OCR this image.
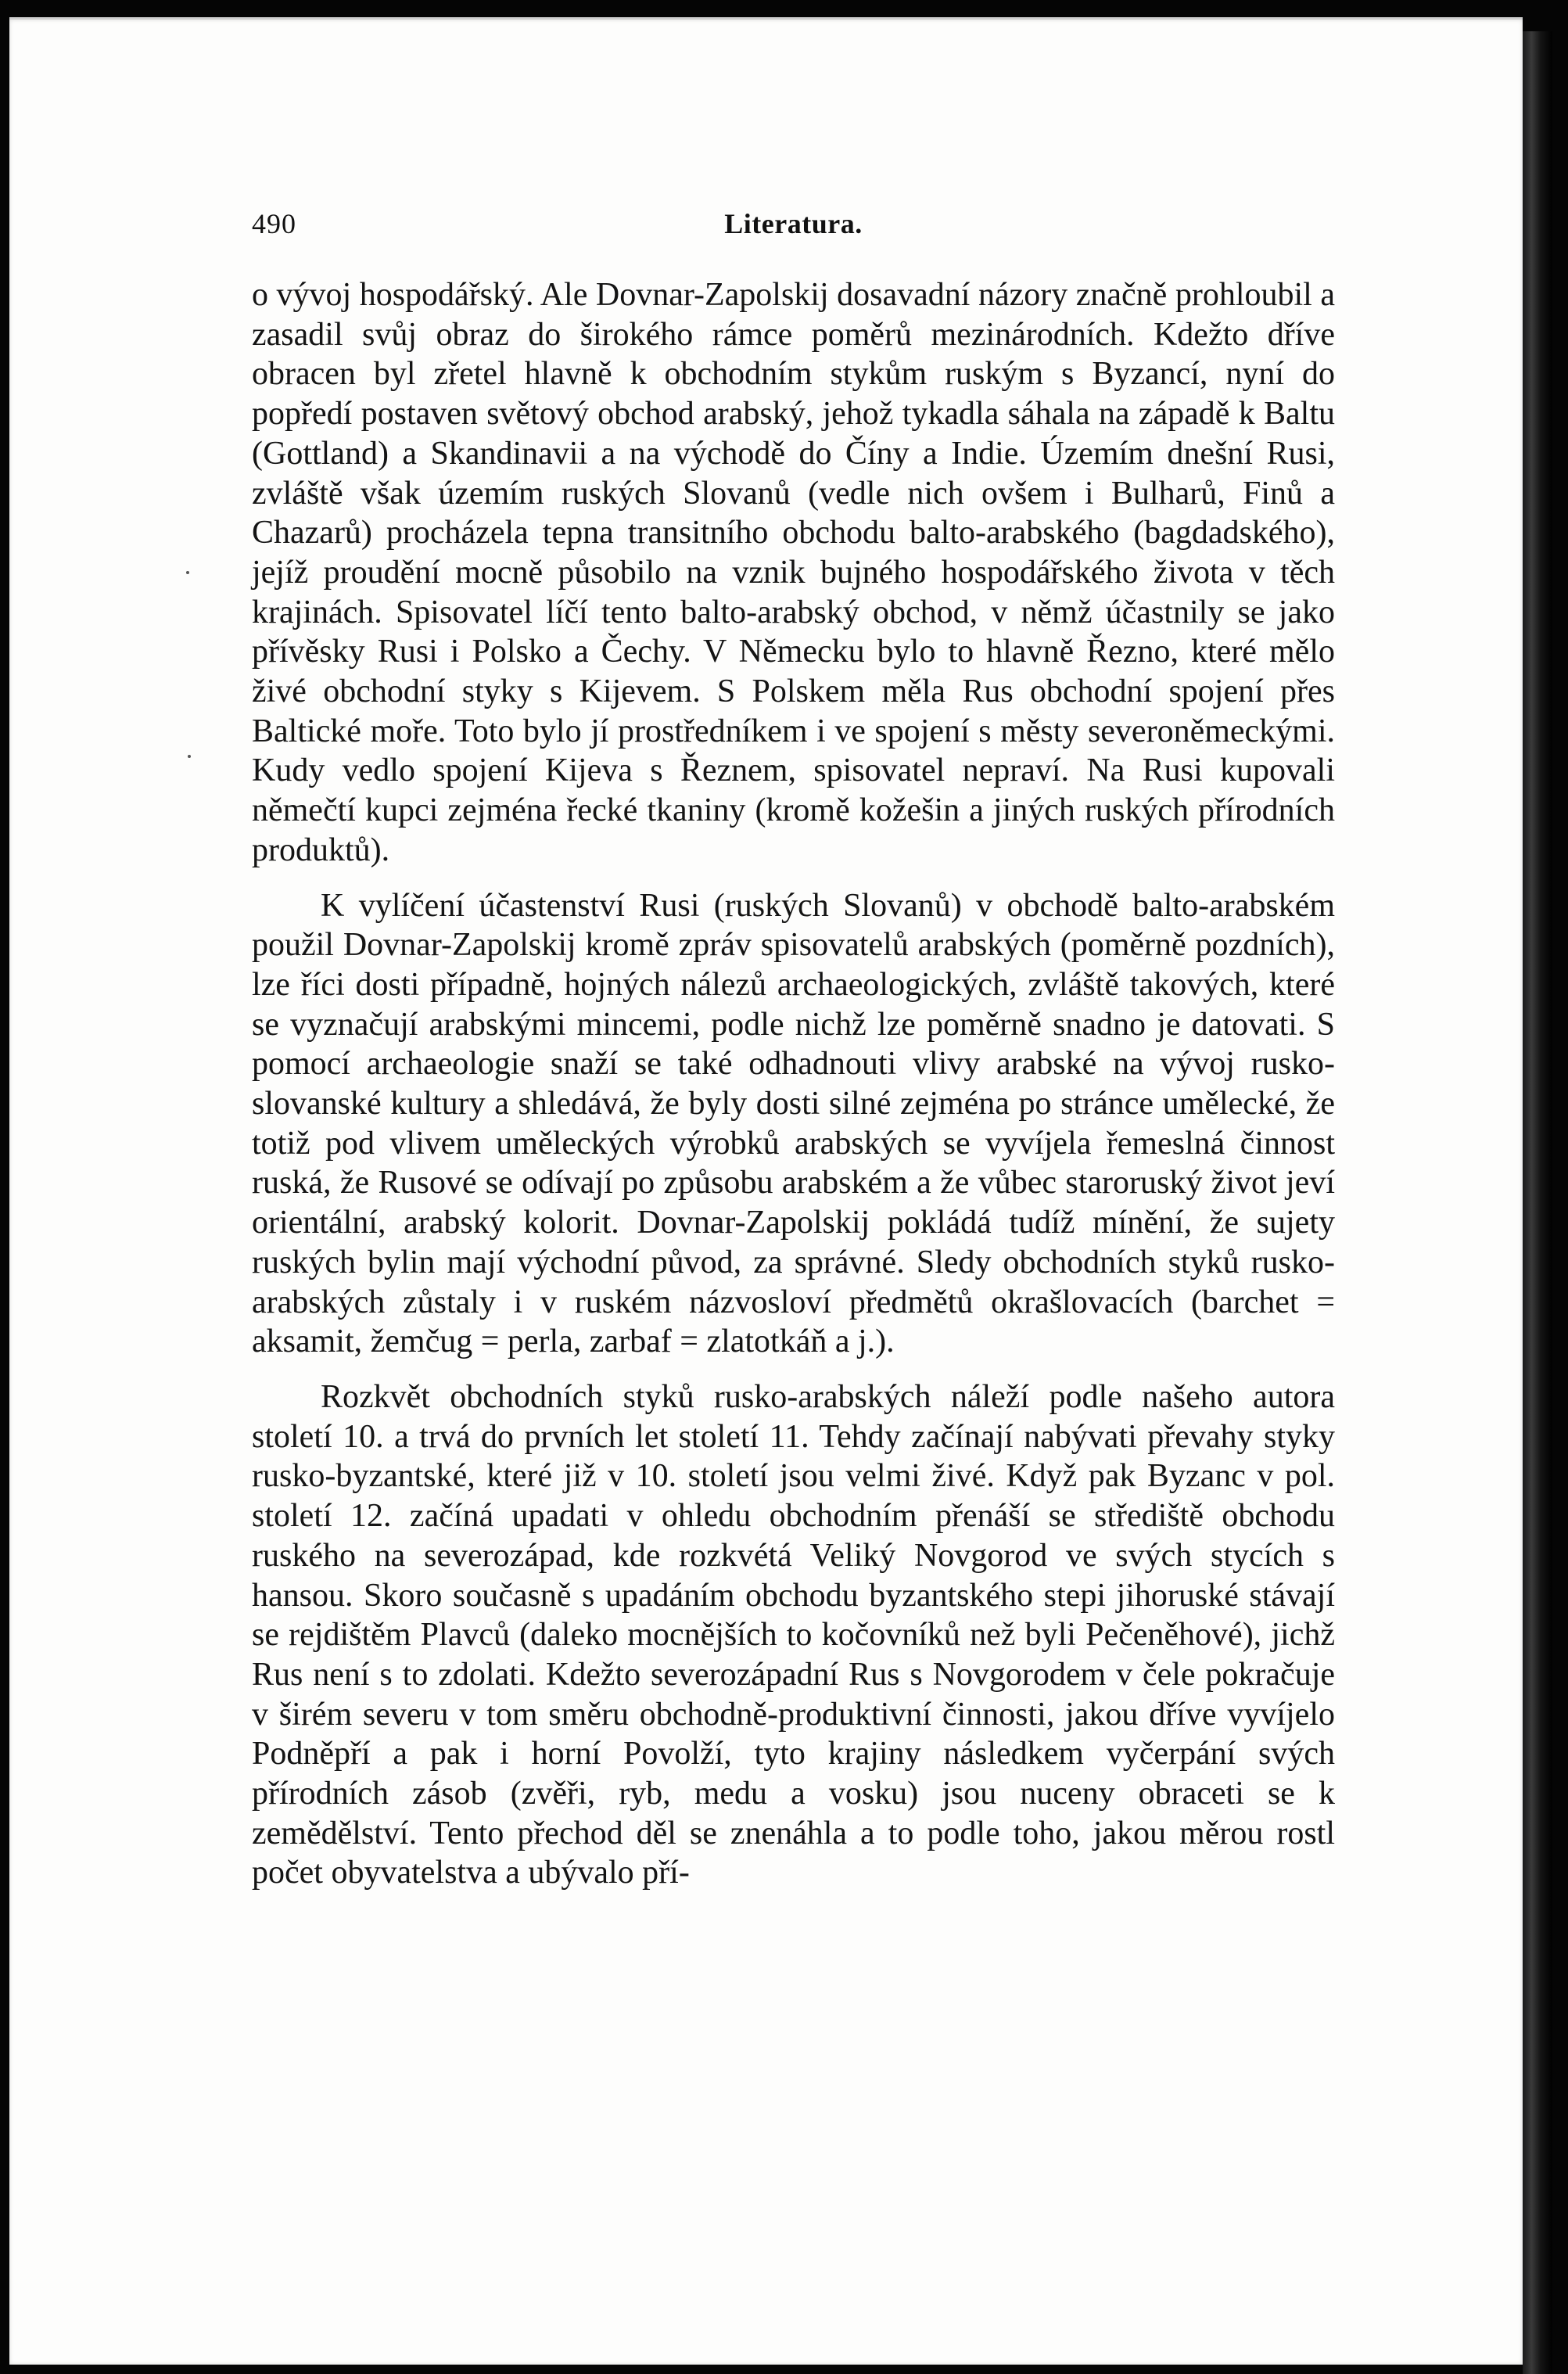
490	Literatura.

o vývoj hospodářský. Ale Dovnar-Zapolskij dosavadní názory značně prohloubil a zasadil svůj obraz do širokého rámce poměrů mezinárodních. Kdežto dříve obracen byl zřetel hlavně k obchodním stykům ruským s Byzancí, nyní do popředí postaven světový obchod arabský, jehož tykadla sáhala na západě k Baltu (Gottland) a Skandinavii a na východě do Číny a Indie. Územím dnešní Rusi, zvláště však územím ruských Slovanů (vedle nich ovšem i Bulharů, Finů a Chazarů) procházela tepna transitního obchodu balto-arabského (bagdadského), jejíž proudění mocně působilo na vznik bujného hospodářského života v těch krajinách. Spisovatel líčí tento balto-arabský obchod, v němž účastnily se jako přívěsky Rusi i Polsko a Čechy. V Německu bylo to hlavně Řezno, které mělo živé obchodní styky s Kijevem. S Polskem měla Rus obchodní spojení přes Baltické moře. Toto bylo jí prostředníkem i ve spojení s městy severoněmeckými. Kudy vedlo spojení Kijeva s Řeznem, spisovatel nepraví. Na Rusi kupovali němečtí kupci zejména řecké tkaniny (kromě kožešin a jiných ruských přírodních produktů).

K vylíčení účastenství Rusi (ruských Slovanů) v obchodě balto-arabském použil Dovnar-Zapolskij kromě zpráv spisovatelů arabských (poměrně pozdních), lze říci dosti případně, hojných nálezů archaeologických, zvláště takových, které se vyznačují arabskými mincemi, podle nichž lze poměrně snadno je datovati. S pomocí archaeologie snaží se také odhadnouti vlivy arabské na vývoj rusko-slovanské kultury a shledává, že byly dosti silné zejména po stránce umělecké, že totiž pod vlivem uměleckých výrobků arabských se vyvíjela řemeslná činnost ruská, že Rusové se odívají po způsobu arabském a že vůbec staroruský život jeví orientální, arabský kolorit. Dovnar-Zapolskij pokládá tudíž mínění, že sujety ruských bylin mají východní původ, za správné. Sledy obchodních styků rusko-arabských zůstaly i v ruském názvosloví předmětů okrašlovacích (barchet = aksamit, žemčug = perla, zarbaf = zlatotkáň a j.).

Rozkvět obchodních styků rusko-arabských náleží podle našeho autora století 10. a trvá do prvních let století 11. Tehdy začínají nabývati převahy styky rusko-byzantské, které již v 10. století jsou velmi živé. Když pak Byzanc v pol. století 12. začíná upadati v ohledu obchodním přenáší se střediště obchodu ruského na severozápad, kde rozkvétá Veliký Novgorod ve svých stycích s hansou. Skoro současně s upadáním obchodu byzantského stepi jihoruské stávají se rejdištěm Plavců (daleko mocnějších to kočovníků než byli Pečeněhové), jichž Rus není s to zdolati. Kdežto severozápadní Rus s Novgorodem v čele pokračuje v širém severu v tom směru obchodně-produktivní činnosti, jakou dříve vyvíjelo Podněpří a pak i horní Povolží, tyto krajiny následkem vyčerpání svých přírodních zásob (zvěři, ryb, medu a vosku) jsou nuceny obraceti se k zemědělství. Tento přechod děl se znenáhla a to podle toho, jakou měrou rostl počet obyvatelstva a ubývalo pří-
